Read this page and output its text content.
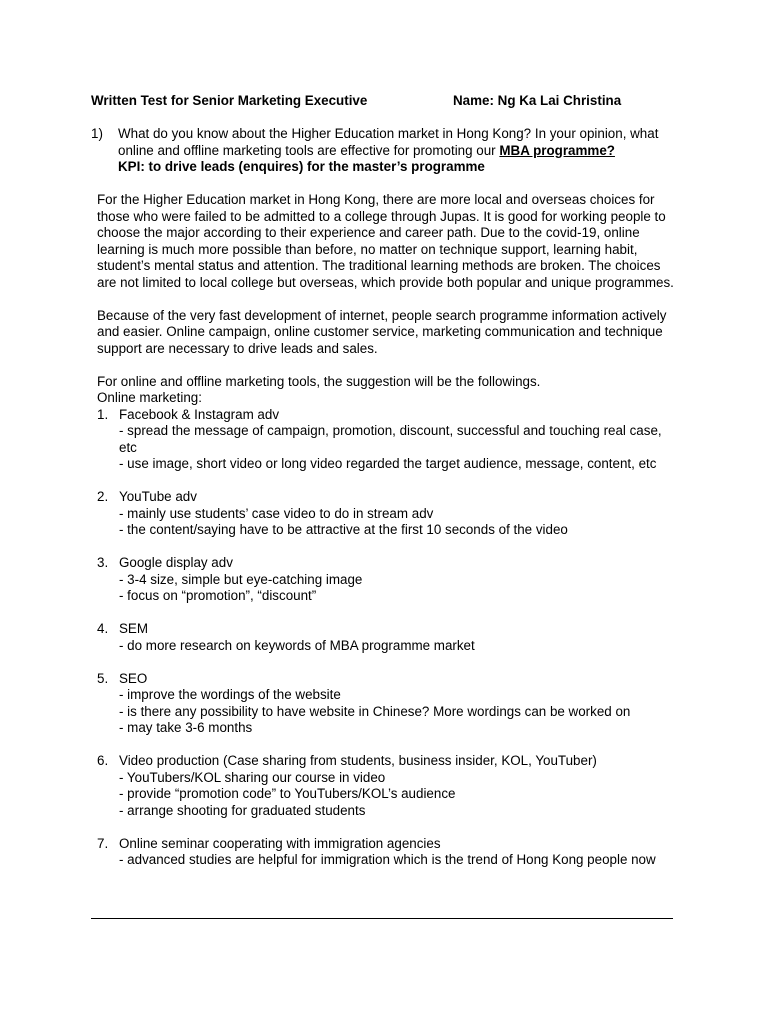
Written Test for Senior Marketing Executive	Name: Ng Ka Lai Christina
1) What do you know about the Higher Education market in Hong Kong? In your opinion, what online and offline marketing tools are effective for promoting our MBA programme?
KPI: to drive leads (enquires) for the master’s programme

For the Higher Education market in Hong Kong, there are more local and overseas choices for those who were failed to be admitted to a college through Jupas. It is good for working people to choose the major according to their experience and career path. Due to the covid-19, online learning is much more possible than before, no matter on technique support, learning habit, student’s mental status and attention. The traditional learning methods are broken. The choices are not limited to local college but overseas, which provide both popular and unique programmes.

Because of the very fast development of internet, people search programme information actively and easier. Online campaign, online customer service, marketing communication and technique support are necessary to drive leads and sales.

For online and offline marketing tools, the suggestion will be the followings.

Online marketing:

1. Facebook & Instagram adv
- spread the message of campaign, promotion, discount, successful and touching real case, etc
- use image, short video or long video regarded the target audience, message, content, etc
2. YouTube adv
- mainly use students’ case video to do in stream adv
- the content/saying have to be attractive at the first 10 seconds of the video
3. Google display adv
- 3-4 size, simple but eye-catching image
- focus on “promotion”, “discount”
4. SEM
- do more research on keywords of MBA programme market
5. SEO
- improve the wordings of the website
- is there any possibility to have website in Chinese? More wordings can be worked on
- may take 3-6 months
6. Video production (Case sharing from students, business insider, KOL, YouTuber)
- YouTubers/KOL sharing our course in video
- provide “promotion code” to YouTubers/KOL’s audience
- arrange shooting for graduated students
7. Online seminar cooperating with immigration agencies
- advanced studies are helpful for immigration which is the trend of Hong Kong people now
